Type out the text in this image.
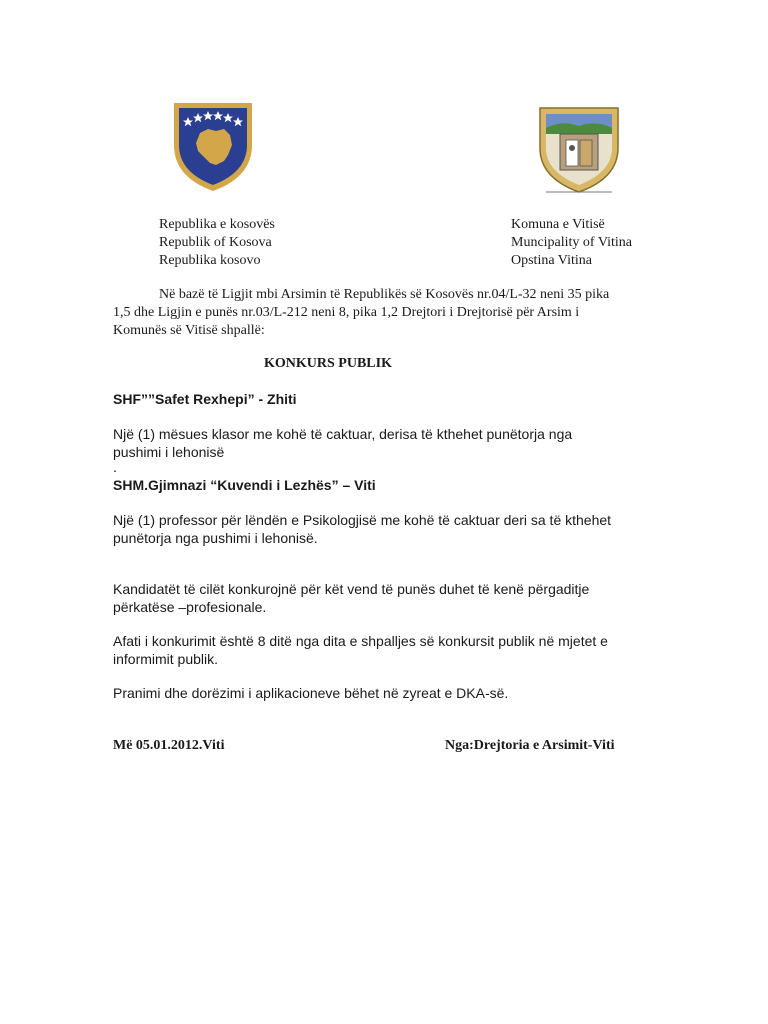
Republika e kosovës
Republik of Kosova
Republika kosovo
Komuna e Vitisë
Muncipality of Vitina
Opstina Vitina
Në bazë të Ligjit mbi Arsimin të Republikës së Kosovës nr.04/L-32 neni 35 pika
1,5 dhe Ligjin e punës nr.03/L-212 neni 8, pika 1,2 Drejtori i Drejtorisë për Arsim i
Komunës së Vitisë shpallë:
KONKURS PUBLIK
SHF””Safet Rexhepi” - Zhiti
Një (1) mësues klasor me kohë të caktuar, derisa të kthehet punëtorja nga
pushimi i lehonisë
.
SHM.Gjimnazi “Kuvendi i Lezhës” – Viti
Një (1) professor për lëndën e Psikologjisë me kohë të caktuar deri sa të kthehet
punëtorja nga pushimi i lehonisë.
Kandidatët të cilët konkurojnë për kët vend të punës duhet të kenë përgaditje
përkatëse –profesionale.
Afati i konkurimit është 8 ditë nga dita e shpalljes së konkursit publik në mjetet e
informimit publik.
Pranimi dhe dorëzimi i aplikacioneve bëhet në zyreat e DKA-së.
Më 05.01.2012.Viti	Nga:Drejtoria e Arsimit-Viti
